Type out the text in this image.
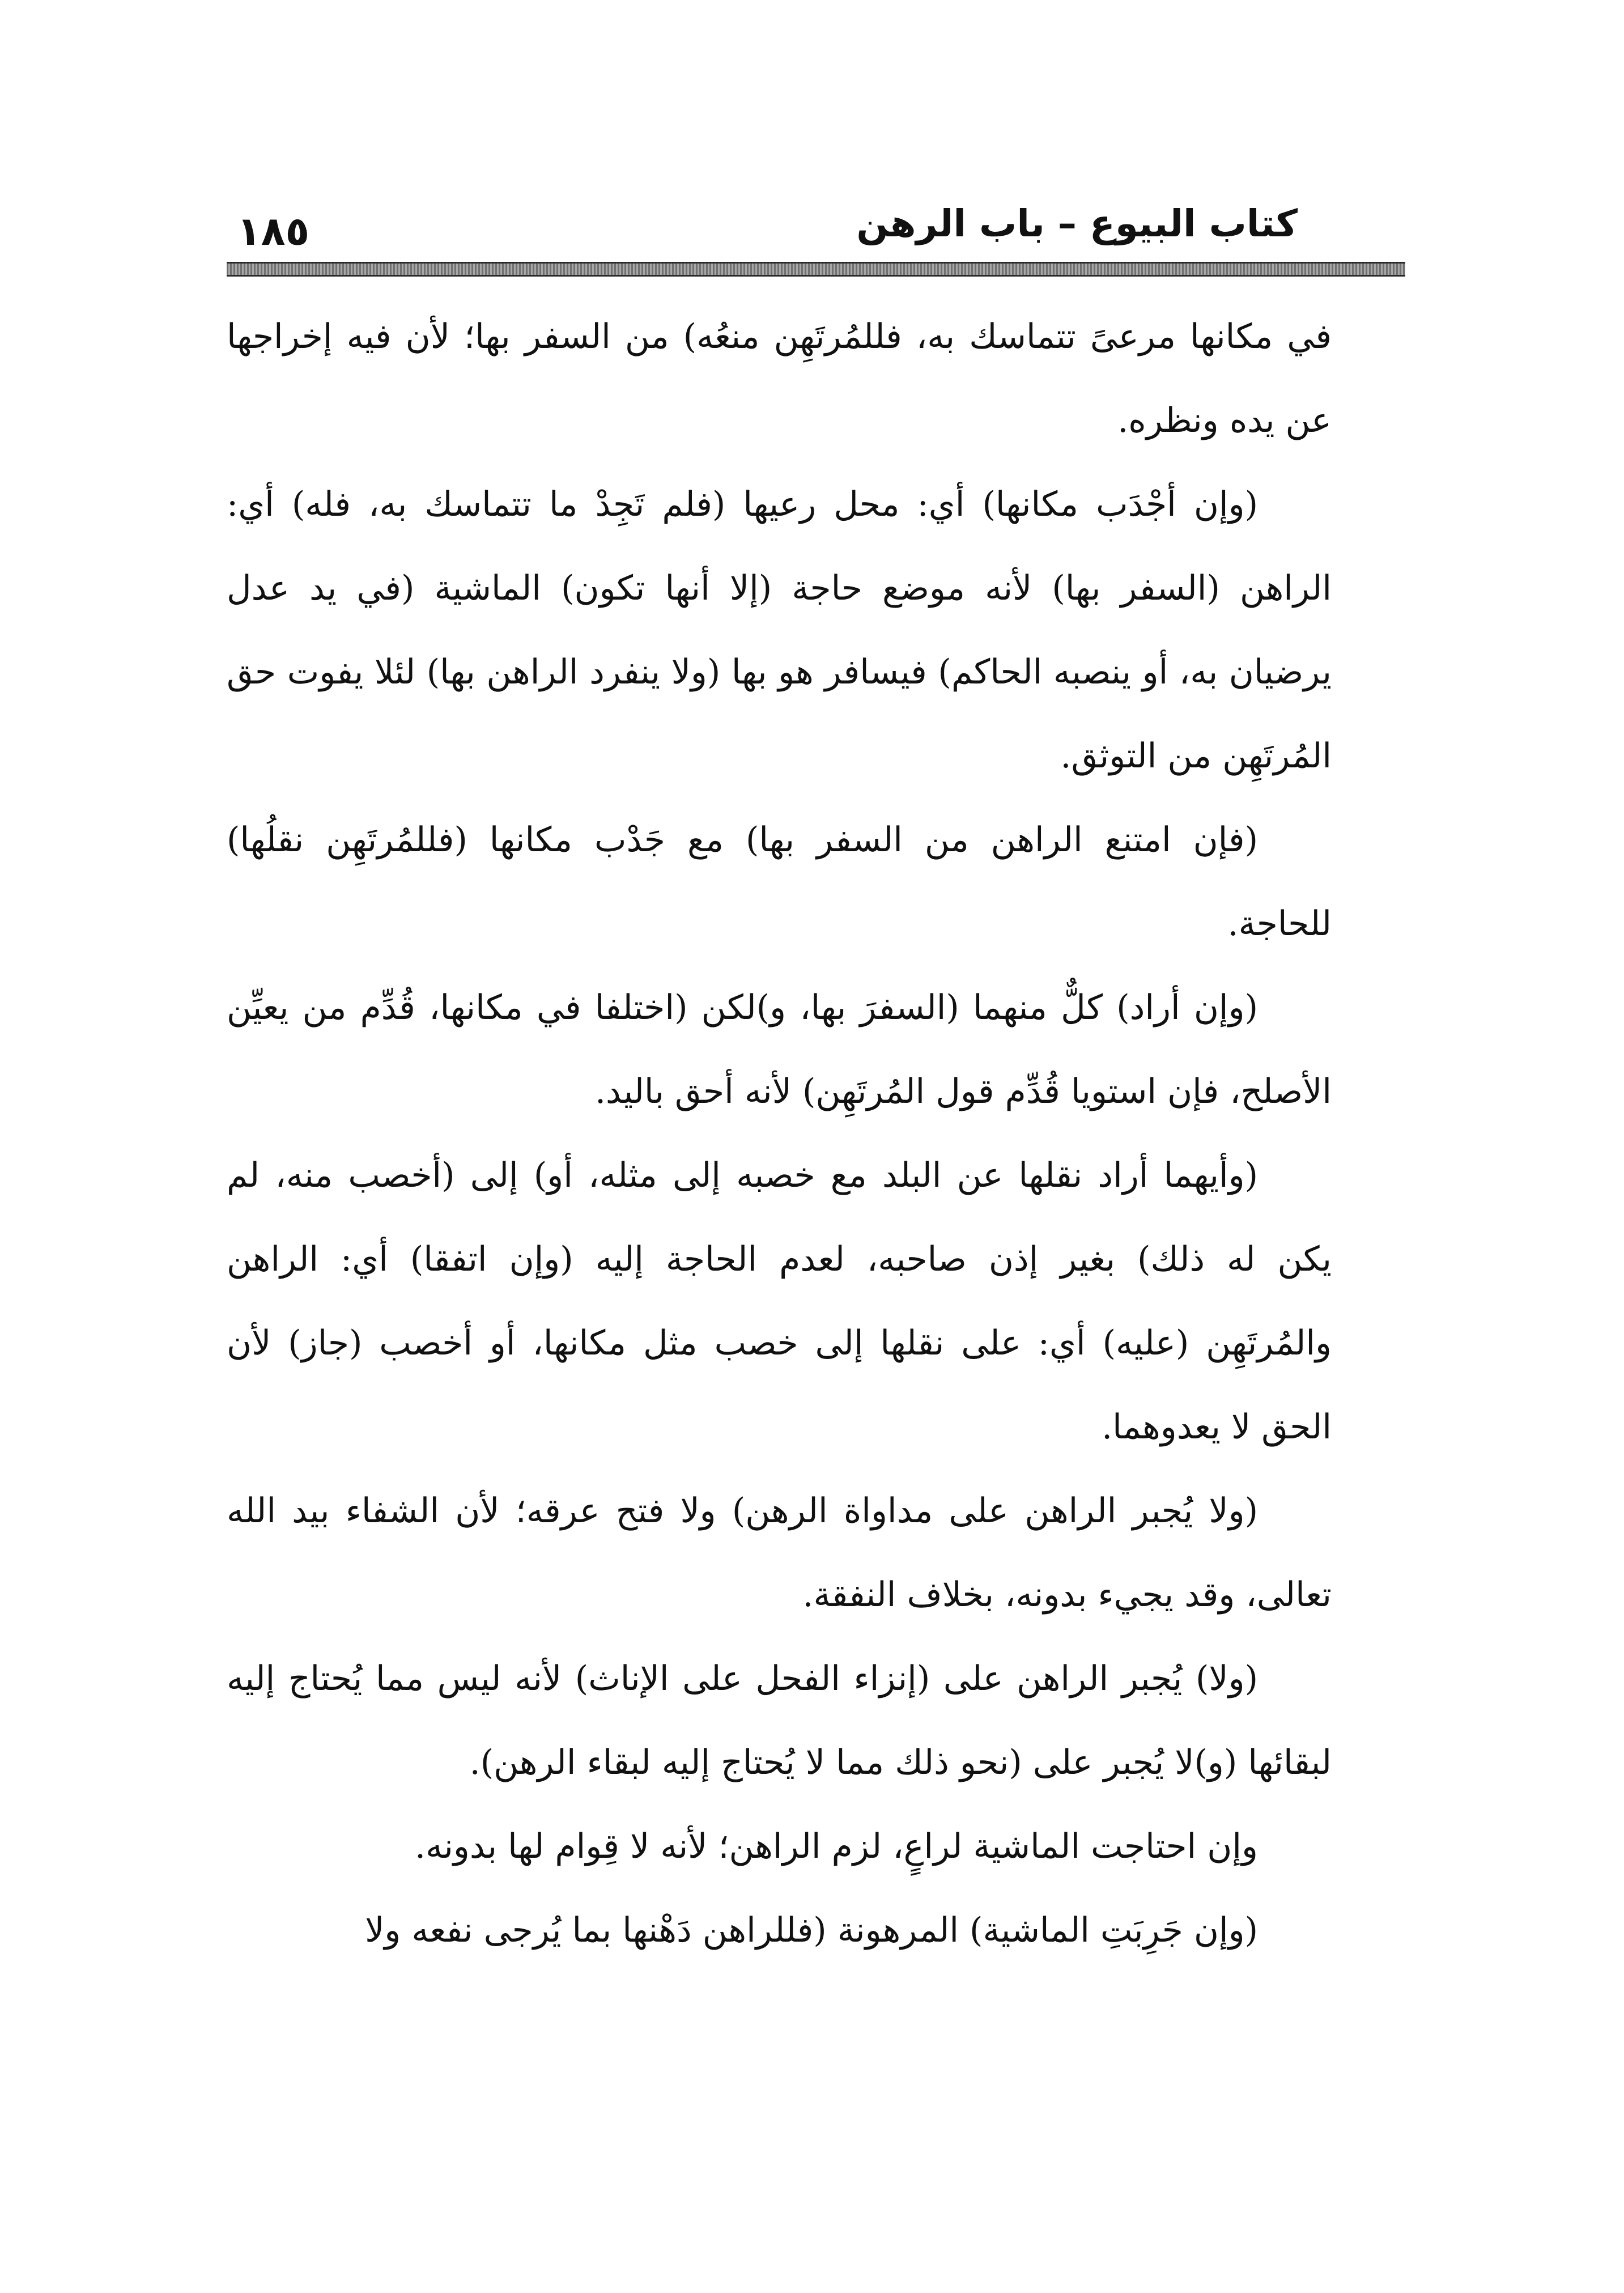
كتاب البيوع – باب الرهن
١٨٥

في مكانها مرعىً تتماسك به، فللمُرتَهِن منعُه) من السفر بها؛ لأن فيه إخراجها عن يده ونظره.

(وإن أجْدَب مكانها) أي: محل رعيها (فلم تَجِدْ ما تتماسك به، فله) أي: الراهن (السفر بها) لأنه موضع حاجة (إلا أنها تكون) الماشية (في يد عدل يرضيان به، أو ينصبه الحاكم) فيسافر هو بها (ولا ينفرد الراهن بها) لئلا يفوت حق المُرتَهِن من التوثق.

(فإن امتنع الراهن من السفر بها) مع جَدْب مكانها (فللمُرتَهِن نقلُها) للحاجة.

(وإن أراد) كلٌّ منهما (السفرَ بها، و)لكن (اختلفا في مكانها، قُدِّم من يعيِّن الأصلح، فإن استويا قُدِّم قول المُرتَهِن) لأنه أحق باليد.

(وأيهما أراد نقلها عن البلد مع خصبه إلى مثله، أو) إلى (أخصب منه، لم يكن له ذلك) بغير إذن صاحبه، لعدم الحاجة إليه (وإن اتفقا) أي: الراهن والمُرتَهِن (عليه) أي: على نقلها إلى خصب مثل مكانها، أو أخصب (جاز) لأن الحق لا يعدوهما.

(ولا يُجبر الراهن على مداواة الرهن) ولا فتح عرقه؛ لأن الشفاء بيد الله تعالى، وقد يجيء بدونه، بخلاف النفقة.

(ولا) يُجبر الراهن على (إنزاء الفحل على الإناث) لأنه ليس مما يُحتاج إليه لبقائها (و)لا يُجبر على (نحو ذلك مما لا يُحتاج إليه لبقاء الرهن).

وإن احتاجت الماشية لراعٍ، لزم الراهن؛ لأنه لا قِوام لها بدونه.

(وإن جَرِبَتِ الماشية) المرهونة (فللراهن دَهْنها بما يُرجى نفعه ولا
